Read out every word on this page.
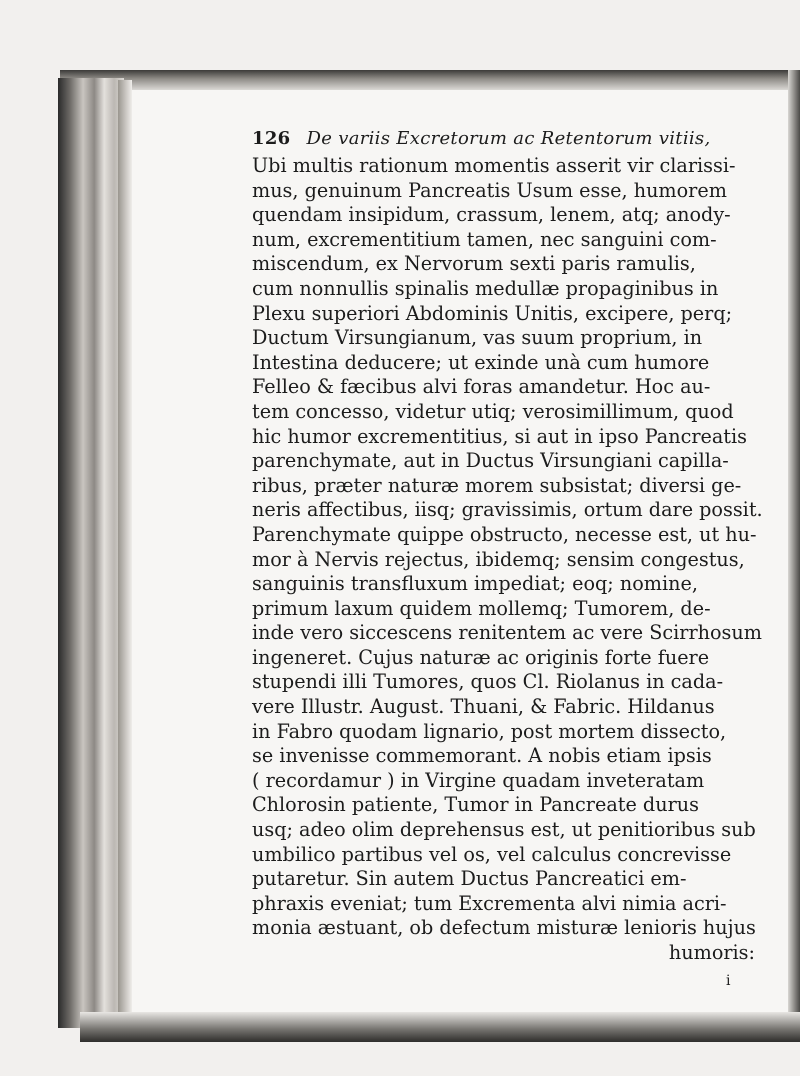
126 De variis Excretorum ac Retentorum vitiis,
Ubi multis rationum momentis asserit vir clarissi-
mus, genuinum Pancreatis Usum esse, humorem
quendam insipidum, crassum, lenem, atq; anody-
num, excrementitium tamen, nec sanguini com-
miscendum, ex Nervorum sexti paris ramulis,
cum nonnullis spinalis medullæ propaginibus in
Plexu superiori Abdominis Unitis, excipere, perq;
Ductum Virsungianum, vas suum proprium, in
Intestina deducere; ut exinde unà cum humore
Felleo & fæcibus alvi foras amandetur. Hoc au-
tem concesso, videtur utiq; verosimillimum, quod
hic humor excrementitius, si aut in ipso Pancreatis
parenchymate, aut in Ductus Virsungiani capilla-
ribus, præter naturæ morem subsistat; diversi ge-
neris affectibus, iisq; gravissimis, ortum dare possit.
Parenchymate quippe obstructo, necesse est, ut hu-
mor à Nervis rejectus, ibidemq; sensim congestus,
sanguinis transfluxum impediat; eoq; nomine,
primum laxum quidem mollemq; Tumorem, de-
inde vero siccescens renitentem ac vere Scirrhosum
ingeneret. Cujus naturæ ac originis forte fuere
stupendi illi Tumores, quos Cl. Riolanus in cada-
vere Illustr. August. Thuani, & Fabric. Hildanus
in Fabro quodam lignario, post mortem dissecto,
se invenisse commemorant. A nobis etiam ipsis
( recordamur ) in Virgine quadam inveteratam
Chlorosin patiente, Tumor in Pancreate durus
usq; adeo olim deprehensus est, ut penitioribus sub
umbilico partibus vel os, vel calculus concrevisse
putaretur. Sin autem Ductus Pancreatici em-
phraxis eveniat; tum Excrementa alvi nimia acri-
monia æstuant, ob defectum misturæ lenioris hujus
humoris:
i
